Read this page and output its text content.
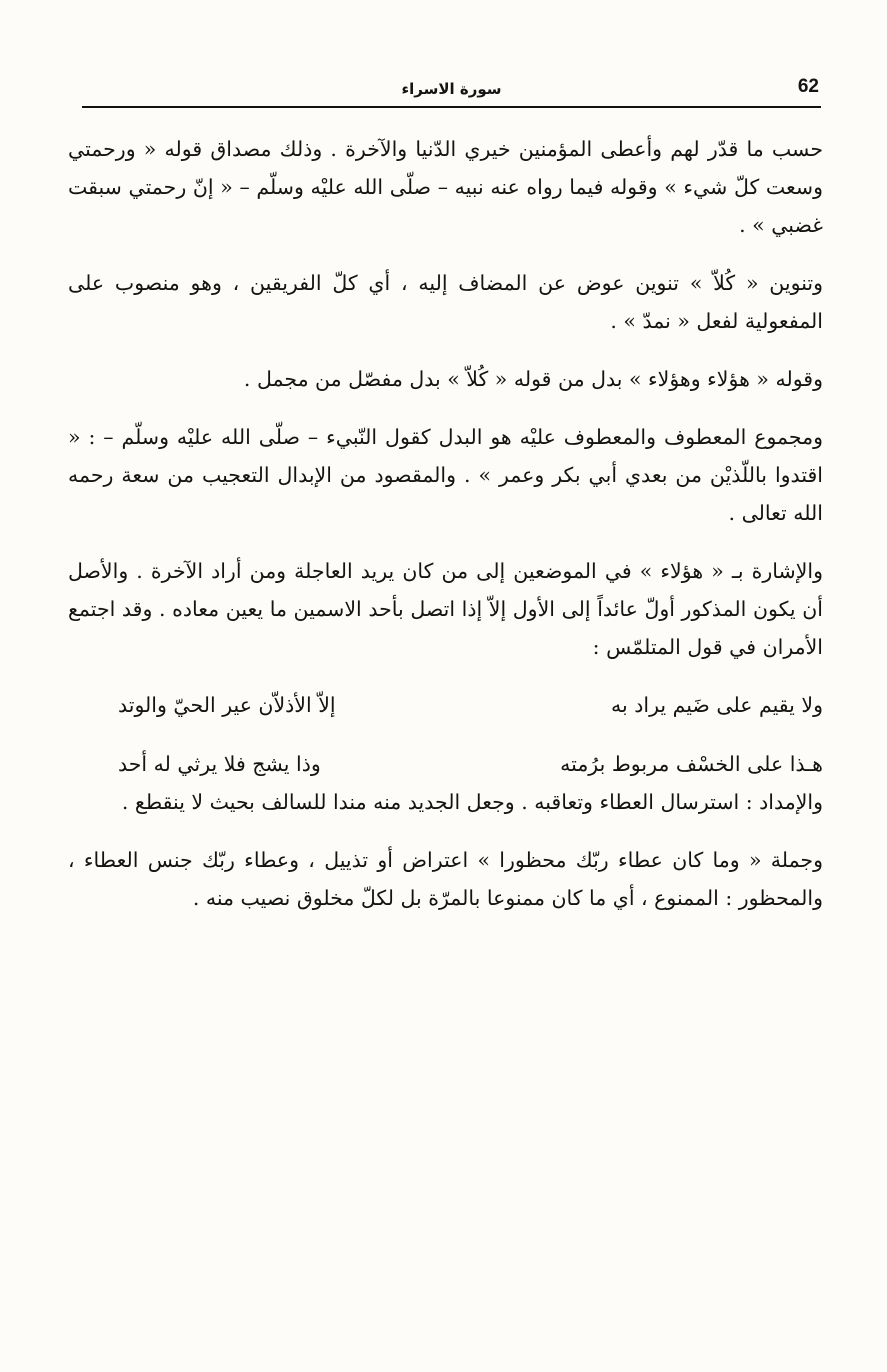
62
سورة الاسراء

حسب ما قدّر لهم وأعطى المؤمنين خيري الدّنيا والآخرة . وذلك مصداق قوله « ورحمتي وسعت كلّ شيء » وقوله فيما رواه عنه نبيه – صلّى الله عليْه وسلّم – « إنّ رحمتي سبقت غضبي » .

وتنوين « كُلاّ » تنوين عوض عن المضاف إليه ، أي كلّ الفريقين ، وهو منصوب على المفعولية لفعل « نمدّ » .

وقوله « هؤلاء وهؤلاء » بدل من قوله « كُلاّ » بدل مفصّل من مجمل .

ومجموع المعطوف والمعطوف عليْه هو البدل كقول النّبيء – صلّى الله عليْه وسلّم – : « اقتدوا باللّذيْن من بعدي أبي بكر وعمر » . والمقصود من الإبدال التعجيب من سعة رحمه الله تعالى .

والإشارة بـ « هؤلاء » في الموضعين إلى من كان يريد العاجلة ومن أراد الآخرة . والأصل أن يكون المذكور أولّ عائداً إلى الأول إلاّ إذا اتصل بأحد الاسمين ما يعين معاده . وقد اجتمع الأمران في قول المتلمّس :

ولا يقيم على ضَيم يراد به
إلاّ الأذلاّن عير الحيّ والوتد
هـذا على الخسْف مربوط برُمته
وذا يشج فلا يرثي له أحد

والإمداد : استرسال العطاء وتعاقبه . وجعل الجديد منه مندا للسالف بحيث لا ينقطع .

وجملة « وما كان عطاء ربّك محظورا » اعتراض أو تذييل ، وعطاء ربّك جنس العطاء ، والمحظور : الممنوع ، أي ما كان ممنوعا بالمرّة بل لكلّ مخلوق نصيب منه .
